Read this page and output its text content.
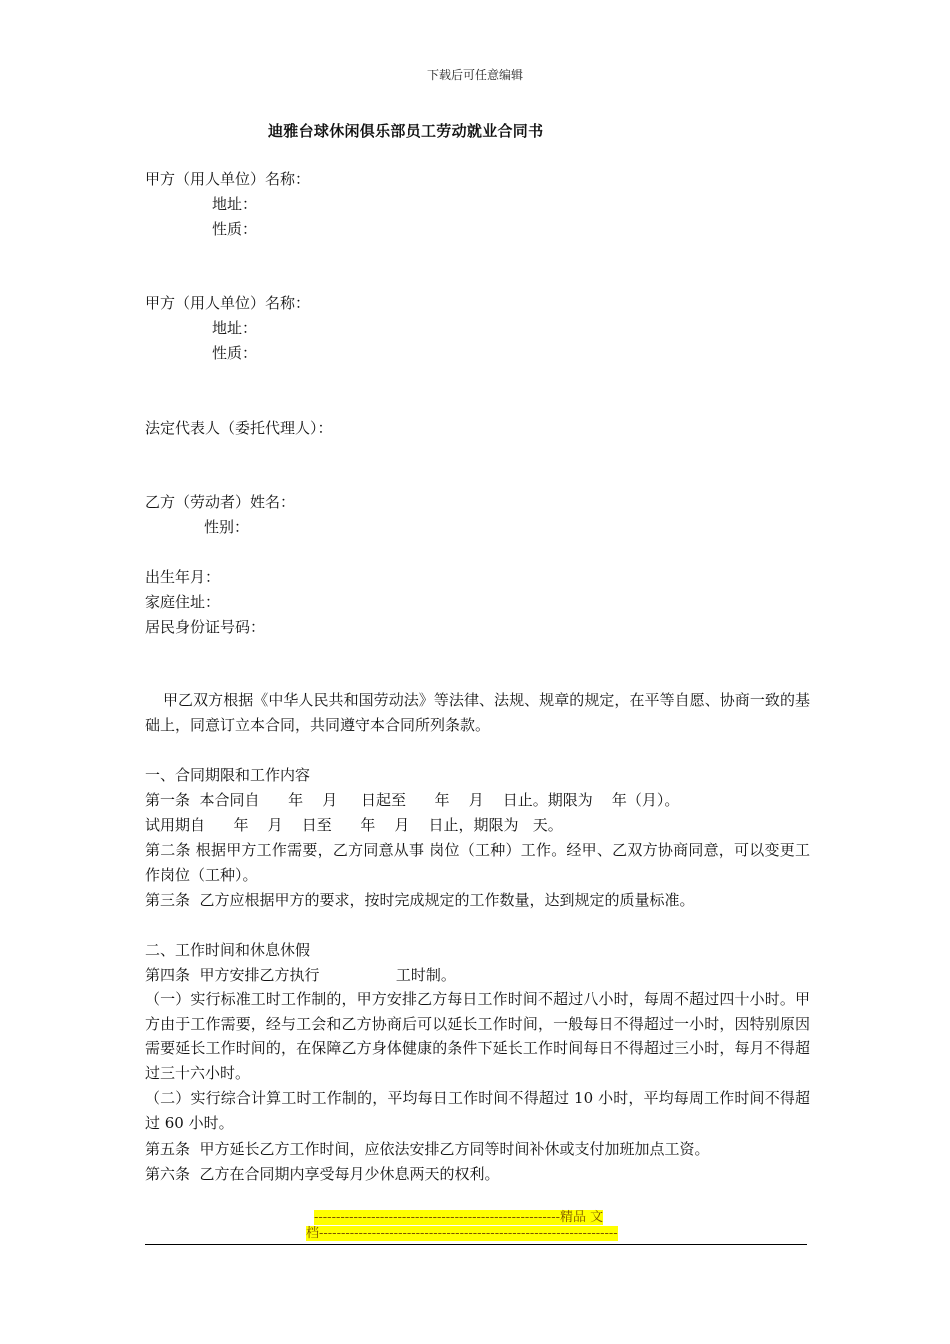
下载后可任意编辑
迪雅台球休闲俱乐部员工劳动就业合同书
甲方（用人单位）名称：
地址：
性质：
甲方（用人单位）名称：
地址：
性质：
法定代表人（委托代理人）：
乙方（劳动者）姓名：
性别：
出生年月：
家庭住址：
居民身份证号码：
甲乙双方根据《中华人民共和国劳动法》等法律、法规、规章的规定，在平等自愿、协商一致的基础上，同意订立本合同，共同遵守本合同所列条款。
一、合同期限和工作内容
第一条  本合同自      年    月     日起至      年    月    日止。期限为    年（月）。
试用期自      年    月    日至      年    月    日止，期限为   天。
第二条 根据甲方工作需要，乙方同意从事 岗位（工种）工作。经甲、乙双方协商同意，可以变更工作岗位（工种）。
第三条  乙方应根据甲方的要求，按时完成规定的工作数量，达到规定的质量标准。
二、工作时间和休息休假
第四条  甲方安排乙方执行                工时制。
（一）实行标准工时工作制的，甲方安排乙方每日工作时间不超过八小时，每周不超过四十小时。甲方由于工作需要，经与工会和乙方协商后可以延长工作时间，一般每日不得超过一小时，因特别原因需要延长工作时间的，在保障乙方身体健康的条件下延长工作时间每日不得超过三小时，每月不得超过三十六小时。
（二）实行综合计算工时工作制的，平均每日工作时间不得超过 10 小时，平均每周工作时间不得超过 60 小时。
第五条  甲方延长乙方工作时间，应依法安排乙方同等时间补休或支付加班加点工资。
第六条  乙方在合同期内享受每月少休息两天的权利。
--------------------------------------------------------精品 文
档--------------------------------------------------------------------
